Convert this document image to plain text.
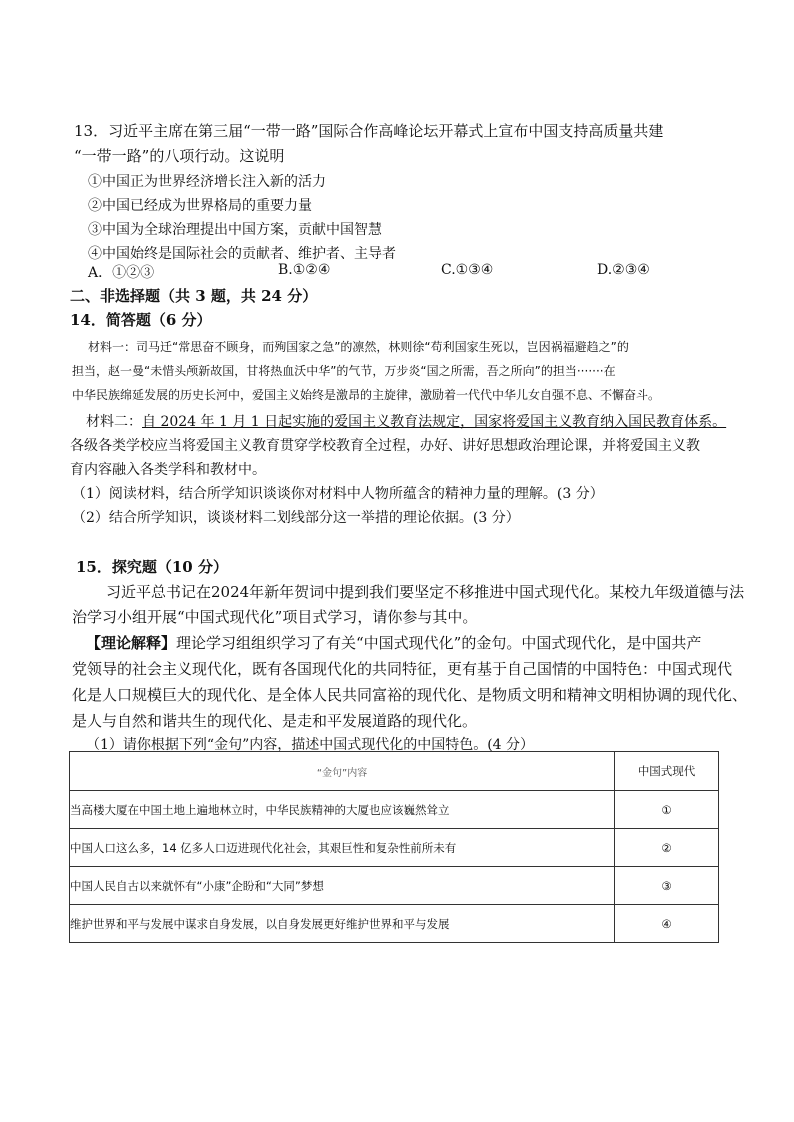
13．习近平主席在第三届“一带一路”国际合作高峰论坛开幕式上宣布中国支持高质量共建
“一带一路”的八项行动。这说明
①中国正为世界经济增长注入新的活力
②中国已经成为世界格局的重要力量
③中国为全球治理提出中国方案，贡献中国智慧
④中国始终是国际社会的贡献者、维护者、主导者
A．①②③	B.①②④	C.①③④	D.②③④
二、非选择题（共 3 题，共 24 分）
14．简答题（6 分）
材料一：司马迁“常思奋不顾身，而殉国家之急”的凛然，林则徐“苟利国家生死以，岂因祸福避趋之”的
担当，赵一曼“未惜头颅新故国，甘将热血沃中华”的气节，万步炎“国之所需，吾之所向”的担当·······在
中华民族绵延发展的历史长河中，爱国主义始终是激昂的主旋律，激励着一代代中华儿女自强不息、不懈奋斗。
材料二：自 2024 年 1 月 1 日起实施的爱国主义教育法规定，国家将爱国主义教育纳入国民教育体系。
各级各类学校应当将爱国主义教育贯穿学校教育全过程，办好、讲好思想政治理论课，并将爱国主义教
育内容融入各类学科和教材中。
（1）阅读材料，结合所学知识谈谈你对材料中人物所蕴含的精神力量的理解。(3 分）
（2）结合所学知识，谈谈材料二划线部分这一举措的理论依据。(3 分）
15．探究题（10 分）
习近平总书记在2024年新年贺词中提到我们要坚定不移推进中国式现代化。某校九年级道德与法
治学习小组开展“中国式现代化”项目式学习，请你参与其中。
【理论解释】理论学习组组织学习了有关“中国式现代化”的金句。中国式现代化，是中国共产
党领导的社会主义现代化，既有各国现代化的共同特征，更有基于自己国情的中国特色：中国式现代
化是人口规模巨大的现代化、是全体人民共同富裕的现代化、是物质文明和精神文明相协调的现代化、
是人与自然和谐共生的现代化、是走和平发展道路的现代化。
（1）请你根据下列“金句”内容，描述中国式现代化的中国特色。(4 分）
“金句”内容	中国式现代
当高楼大厦在中国土地上遍地林立时，中华民族精神的大厦也应该巍然耸立	①
中国人口这么多，14 亿多人口迈进现代化社会，其艰巨性和复杂性前所未有	②
中国人民自古以来就怀有“小康”企盼和“大同”梦想	③
维护世界和平与发展中谋求自身发展，以自身发展更好维护世界和平与发展	④
